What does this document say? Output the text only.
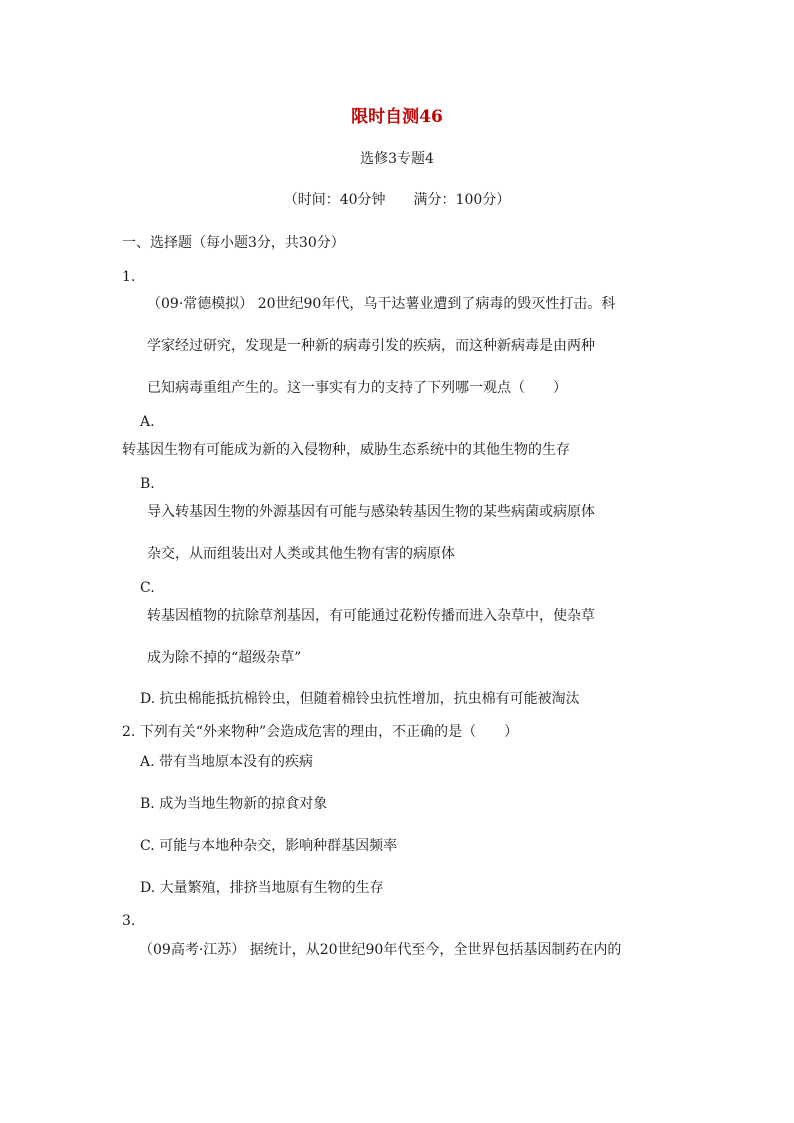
限时自测46
选修3专题4
（时间：40分钟　　满分：100分）
一、选择题（每小题3分，共30分）
1.
（09·常德模拟） 20世纪90年代，乌干达薯业遭到了病毒的毁灭性打击。科
学家经过研究，发现是一种新的病毒引发的疾病，而这种新病毒是由两种
已知病毒重组产生的。这一事实有力的支持了下列哪一观点（　　）
A.
转基因生物有可能成为新的入侵物种，威胁生态系统中的其他生物的生存
B.
导入转基因生物的外源基因有可能与感染转基因生物的某些病菌或病原体
杂交，从而组装出对人类或其他生物有害的病原体
C.
转基因植物的抗除草剂基因，有可能通过花粉传播而进入杂草中，使杂草
成为除不掉的“超级杂草”
D. 抗虫棉能抵抗棉铃虫，但随着棉铃虫抗性增加，抗虫棉有可能被淘汰
2. 下列有关“外来物种”会造成危害的理由，不正确的是（　　）
A. 带有当地原本没有的疾病
B. 成为当地生物新的掠食对象
C. 可能与本地种杂交，影响种群基因频率
D. 大量繁殖，排挤当地原有生物的生存
3.
（09高考·江苏） 据统计，从20世纪90年代至今，全世界包括基因制药在内的
